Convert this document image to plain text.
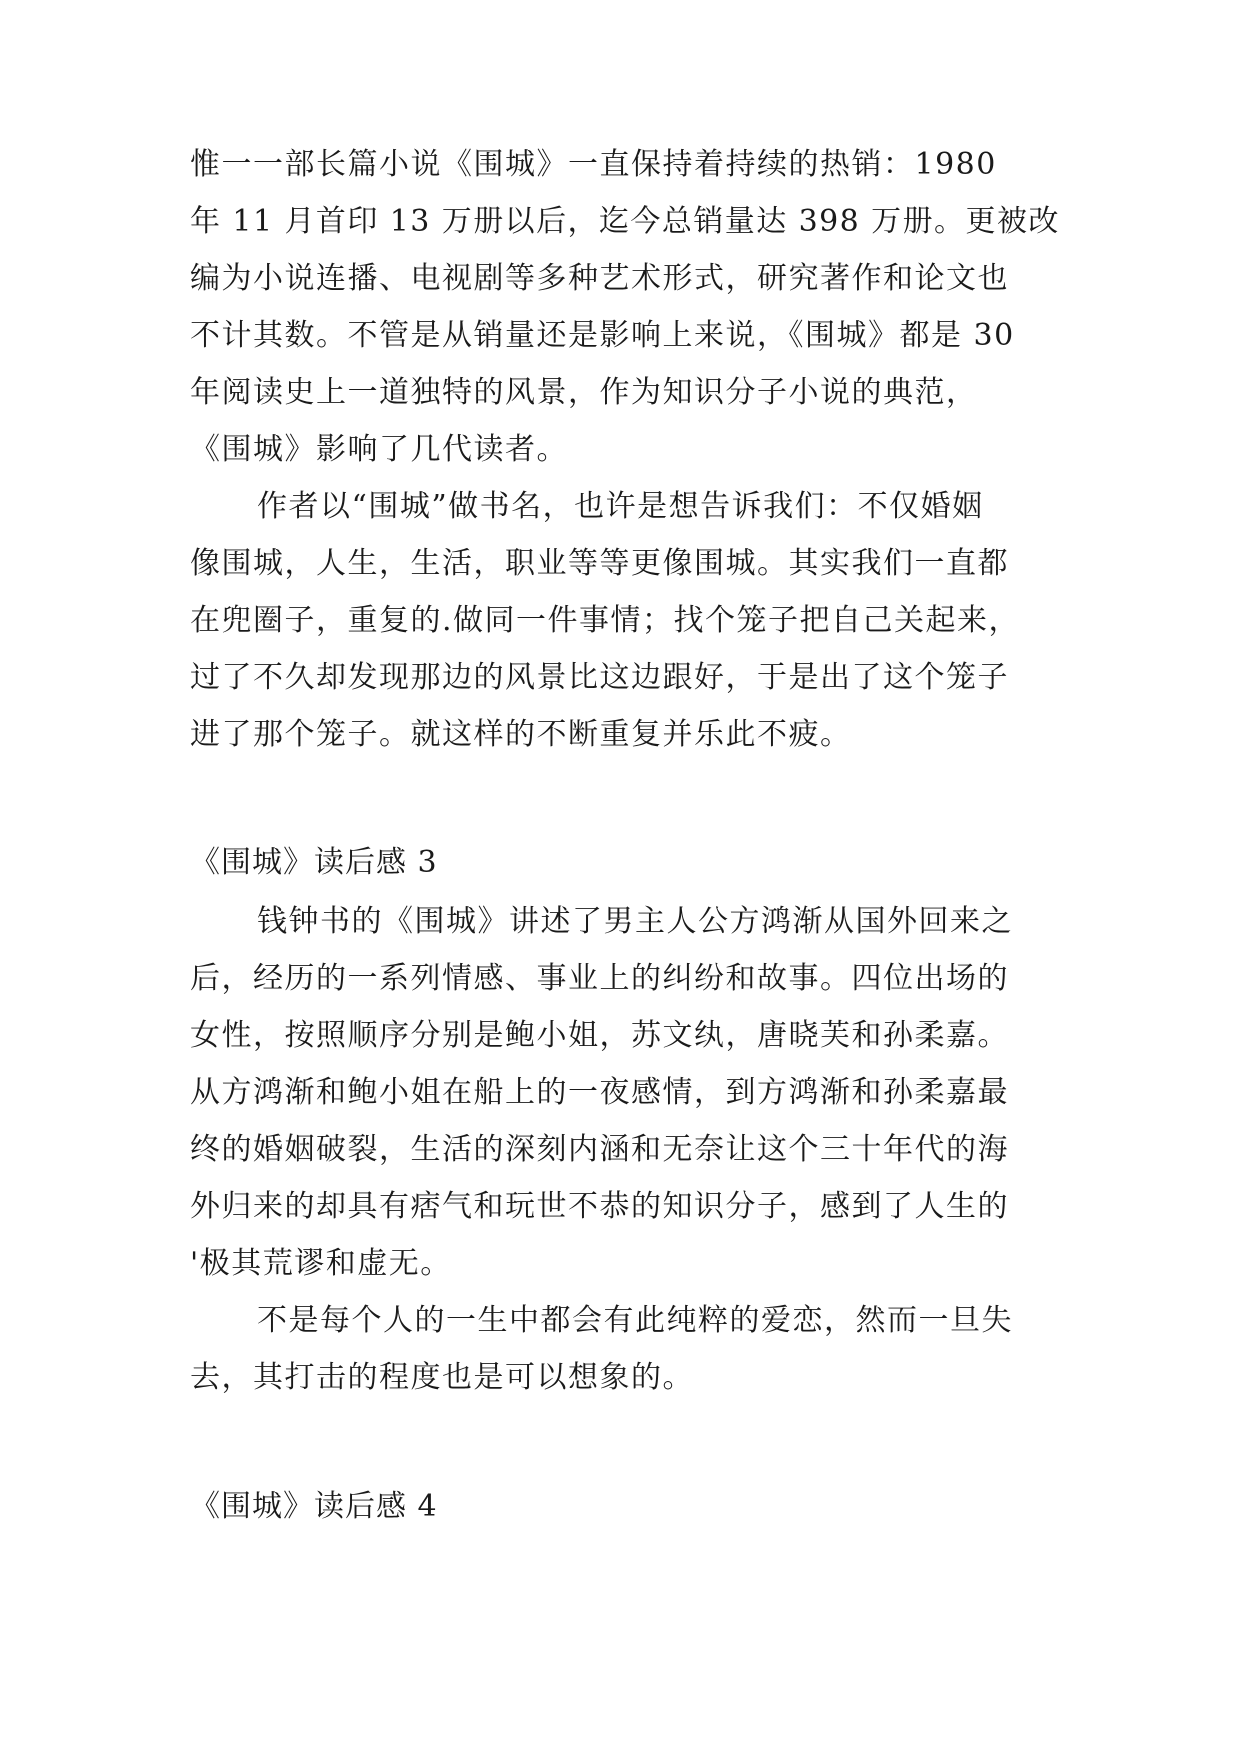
惟一一部长篇小说《围城》一直保持着持续的热销：1980
年 11 月首印 13 万册以后，迄今总销量达 398 万册。更被改
编为小说连播、电视剧等多种艺术形式，研究著作和论文也
不计其数。不管是从销量还是影响上来说，《围城》都是 30
年阅读史上一道独特的风景，作为知识分子小说的典范，
《围城》影响了几代读者。
作者以“围城”做书名，也许是想告诉我们：不仅婚姻
像围城，人生，生活，职业等等更像围城。其实我们一直都
在兜圈子，重复的.做同一件事情；找个笼子把自己关起来，
过了不久却发现那边的风景比这边跟好，于是出了这个笼子
进了那个笼子。就这样的不断重复并乐此不疲。
《围城》读后感 3
钱钟书的《围城》讲述了男主人公方鸿渐从国外回来之
后，经历的一系列情感、事业上的纠纷和故事。四位出场的
女性，按照顺序分别是鲍小姐，苏文纨，唐晓芙和孙柔嘉。
从方鸿渐和鲍小姐在船上的一夜感情，到方鸿渐和孙柔嘉最
终的婚姻破裂，生活的深刻内涵和无奈让这个三十年代的海
外归来的却具有痞气和玩世不恭的知识分子，感到了人生的
'极其荒谬和虚无。
不是每个人的一生中都会有此纯粹的爱恋，然而一旦失
去，其打击的程度也是可以想象的。
《围城》读后感 4
